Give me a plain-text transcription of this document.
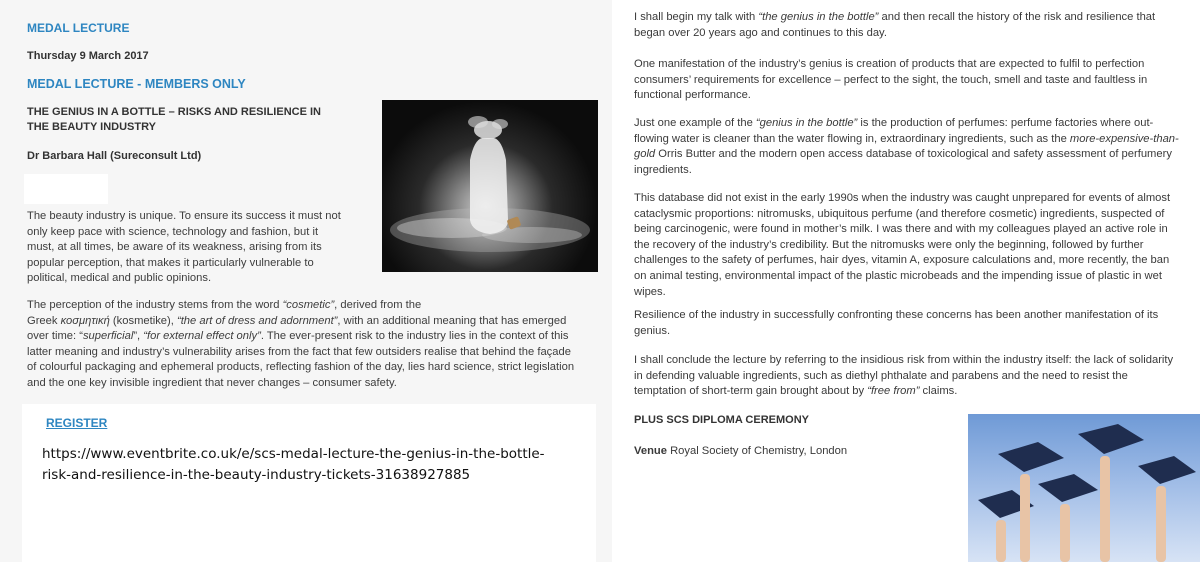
MEDAL LECTURE
Thursday 9 March 2017
MEDAL LECTURE - MEMBERS ONLY
THE GENIUS IN A BOTTLE – RISKS AND RESILIENCE IN
THE BEAUTY INDUSTRY
Dr Barbara Hall (Sureconsult Ltd)
The beauty industry is unique. To ensure its success it must not
only keep pace with science, technology and fashion, but it
must, at all times, be aware of its weakness, arising from its
popular perception, that makes it particularly vulnerable to
political, medical and public opinions.
The perception of the industry stems from the word “cosmetic”, derived from the
Greek κοσμητική (kosmetike), “the art of dress and adornment”, with an additional meaning that has emerged
over time: “superficial”, “for external effect only”. The ever-present risk to the industry lies in the context of this
latter meaning and industry’s vulnerability arises from the fact that few outsiders realise that behind the façade
of colourful packaging and ephemeral products, reflecting fashion of the day, lies hard science, strict legislation
and the one key invisible ingredient that never changes – consumer safety.
REGISTER
https://www.eventbrite.co.uk/e/scs-medal-lecture-the-genius-in-the-bottle-
risk-and-resilience-in-the-beauty-industry-tickets-31638927885
I shall begin my talk with “the genius in the bottle” and then recall the history of the risk and resilience that
began over 20 years ago and continues to this day.
One manifestation of the industry’s genius is creation of products that are expected to fulfil to perfection
consumers’ requirements for excellence – perfect to the sight, the touch, smell and taste and faultless in
functional performance.
Just one example of the “genius in the bottle” is the production of perfumes: perfume factories where out-
flowing water is cleaner than the water flowing in, extraordinary ingredients, such as the more-expensive-than-
gold Orris Butter and the modern open access database of toxicological and safety assessment of perfumery
ingredients.
This database did not exist in the early 1990s when the industry was caught unprepared for events of almost
cataclysmic proportions: nitromusks, ubiquitous perfume (and therefore cosmetic) ingredients, suspected of
being carcinogenic, were found in mother’s milk. I was there and with my colleagues played an active role in
the recovery of the industry’s credibility. But the nitromusks were only the beginning, followed by further
challenges to the safety of perfumes, hair dyes, vitamin A, exposure calculations and, more recently, the ban
on animal testing, environmental impact of the plastic microbeads and the impending issue of plastic in wet
wipes.
Resilience of the industry in successfully confronting these concerns has been another manifestation of its
genius.
I shall conclude the lecture by referring to the insidious risk from within the industry itself: the lack of solidarity
in defending valuable ingredients, such as diethyl phthalate and parabens and the need to resist the
temptation of short-term gain brought about by “free from” claims.
PLUS SCS DIPLOMA CEREMONY
Venue Royal Society of Chemistry, London
